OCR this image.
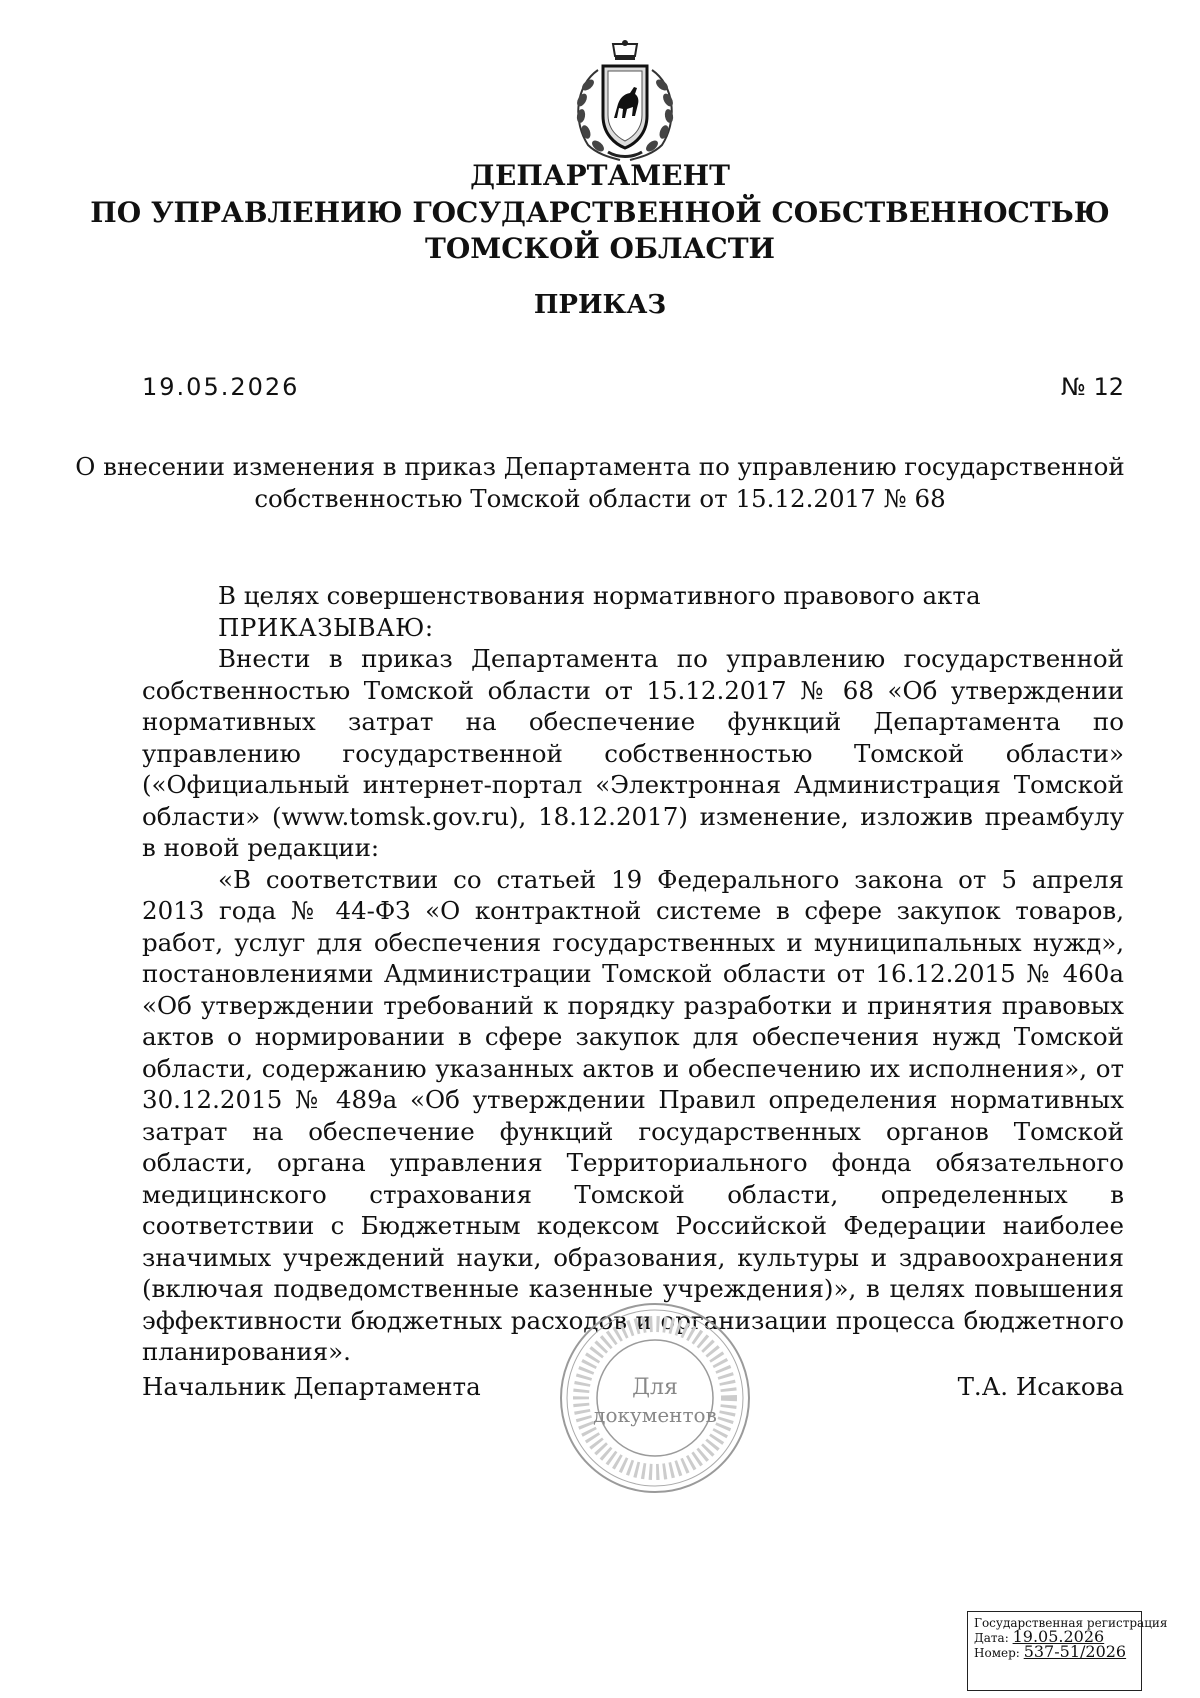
ДЕПАРТАМЕНТ
ПО УПРАВЛЕНИЮ ГОСУДАРСТВЕННОЙ СОБСТВЕННОСТЬЮ
ТОМСКОЙ ОБЛАСТИ
ПРИКАЗ
19.05.2026	№ 12
О внесении изменения в приказ Департамента по управлению государственной
собственностью Томской области от 15.12.2017 № 68

В целях совершенствования нормативного правового акта

ПРИКАЗЫВАЮ:

Внести в приказ Департамента по управлению государственной собственностью Томской области от 15.12.2017 № 68 «Об утверждении нормативных затрат на обеспечение функций Департамента по управлению государственной собственностью Томской области» («Официальный интернет-портал «Электронная Администрация Томской области» (www.tomsk.gov.ru), 18.12.2017) изменение, изложив преамбулу в новой редакции:

«В соответствии со статьей 19 Федерального закона от 5 апреля 2013 года № 44-ФЗ «О контрактной системе в сфере закупок товаров, работ, услуг для обеспечения государственных и муниципальных нужд», постановлениями Администрации Томской области от 16.12.2015 № 460а «Об утверждении требований к порядку разработки и принятия правовых актов о нормировании в сфере закупок для обеспечения нужд Томской области, содержанию указанных актов и обеспечению их исполнения», от 30.12.2015 № 489а «Об утверждении Правил определения нормативных затрат на обеспечение функций государственных органов Томской области, органа управления Территориального фонда обязательного медицинского страхования Томской области, определенных в соответствии с Бюджетным кодексом Российской Федерации наиболее значимых учреждений науки, образования, культуры и здравоохранения (включая подведомственные казенные учреждения)», в целях повышения эффективности бюджетных расходов и организации процесса бюджетного планирования».

Начальник Департамента	Т.А. Исакова
Для
документов
Государственная регистрация
Дата: 19.05.2026
Номер: 537-51/2026
